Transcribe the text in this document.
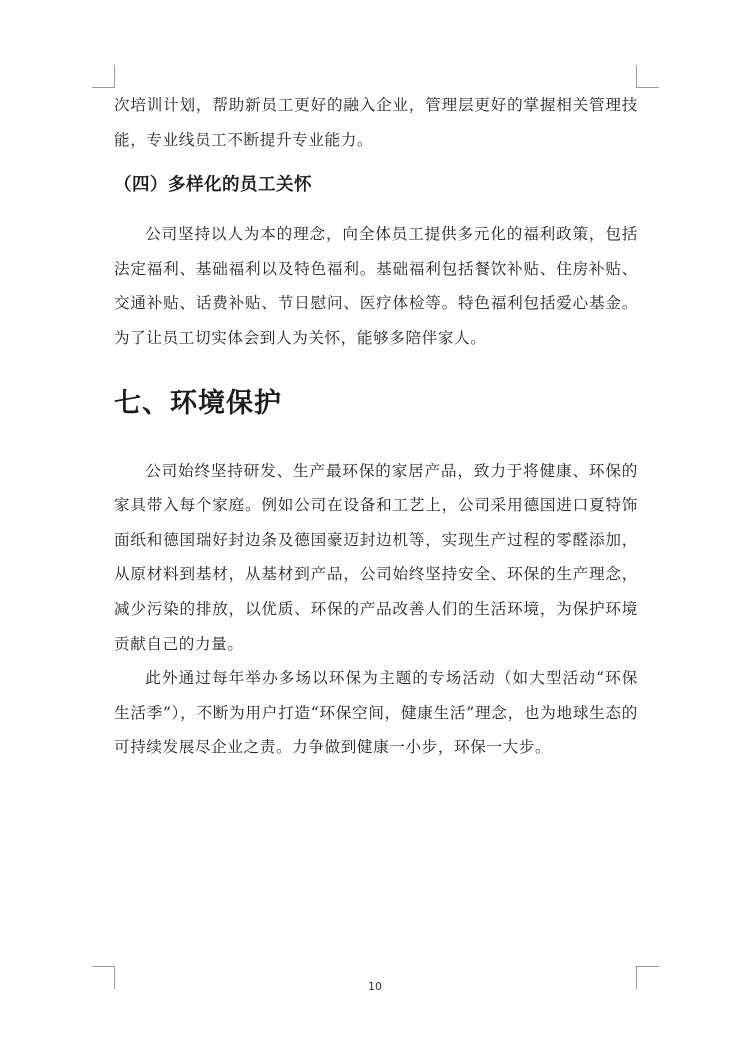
次培训计划，帮助新员工更好的融入企业，管理层更好的掌握相关管理技能，专业线员工不断提升专业能力。

（四）多样化的员工关怀

公司坚持以人为本的理念，向全体员工提供多元化的福利政策，包括法定福利、基础福利以及特色福利。基础福利包括餐饮补贴、住房补贴、交通补贴、话费补贴、节日慰问、医疗体检等。特色福利包括爱心基金。为了让员工切实体会到人为关怀，能够多陪伴家人。

七、环境保护

公司始终坚持研发、生产最环保的家居产品，致力于将健康、环保的家具带入每个家庭。例如公司在设备和工艺上，公司采用德国进口夏特饰面纸和德国瑞好封边条及德国豪迈封边机等，实现生产过程的零醛添加，从原材料到基材，从基材到产品，公司始终坚持安全、环保的生产理念，减少污染的排放，以优质、环保的产品改善人们的生活环境，为保护环境贡献自己的力量。

此外通过每年举办多场以环保为主题的专场活动（如大型活动“环保生活季”），不断为用户打造“环保空间，健康生活”理念，也为地球生态的可持续发展尽企业之责。力争做到健康一小步，环保一大步。

10
